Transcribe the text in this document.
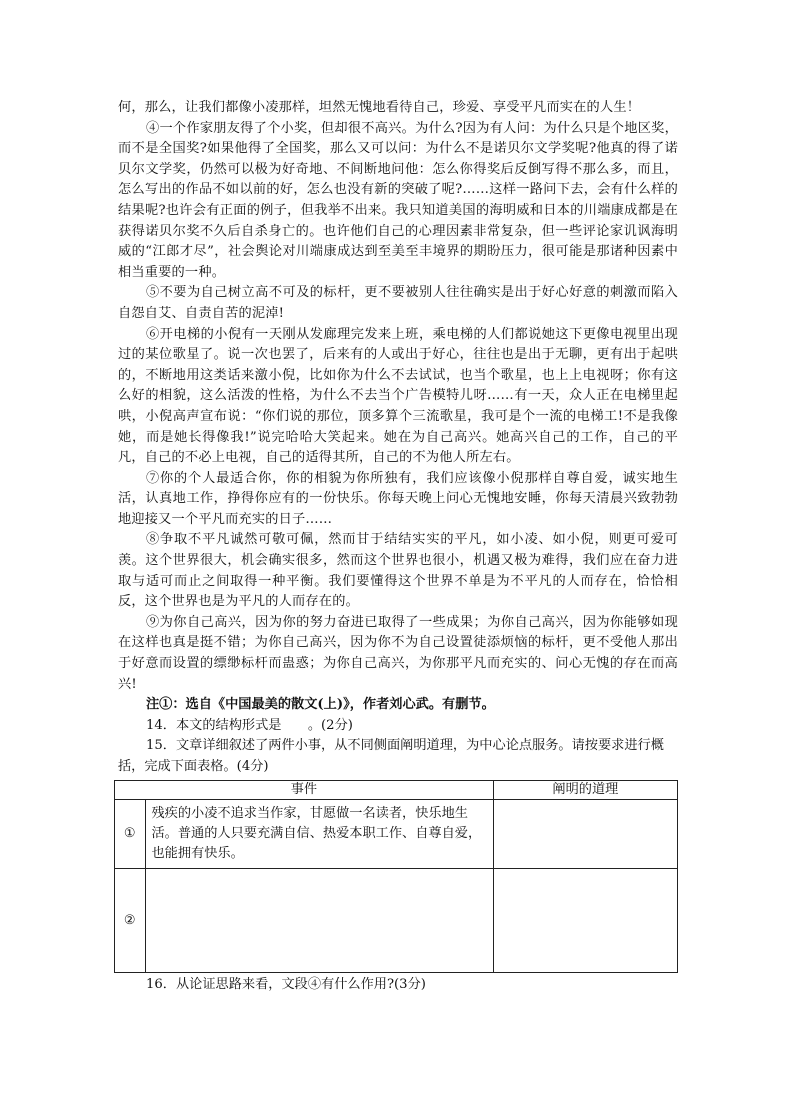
何，那么，让我们都像小凌那样，坦然无愧地看待自己，珍爱、享受平凡而实在的人生！

④一个作家朋友得了个小奖，但却很不高兴。为什么?因为有人问：为什么只是个地区奖，而不是全国奖?如果他得了全国奖，那么又可以问：为什么不是诺贝尔文学奖呢?他真的得了诺贝尔文学奖，仍然可以极为好奇地、不间断地问他：怎么你得奖后反倒写得不那么多，而且，怎么写出的作品不如以前的好，怎么也没有新的突破了呢?……这样一路问下去，会有什么样的结果呢?也许会有正面的例子，但我举不出来。我只知道美国的海明威和日本的川端康成都是在获得诺贝尔奖不久后自杀身亡的。也许他们自己的心理因素非常复杂，但一些评论家讥讽海明威的“江郎才尽”，社会舆论对川端康成达到至美至丰境界的期盼压力，很可能是那诸种因素中相当重要的一种。

⑤不要为自己树立高不可及的标杆，更不要被别人往往确实是出于好心好意的刺激而陷入自怨自艾、自责自苦的泥淖!

⑥开电梯的小倪有一天刚从发廊理完发来上班，乘电梯的人们都说她这下更像电视里出现过的某位歌星了。说一次也罢了，后来有的人或出于好心，往往也是出于无聊，更有出于起哄的，不断地用这类话来激小倪，比如你为什么不去试试，也当个歌星，也上上电视呀；你有这么好的相貌，这么活泼的性格，为什么不去当个广告模特儿呀……有一天，众人正在电梯里起哄，小倪高声宣布说：“你们说的那位，顶多算个三流歌星，我可是个一流的电梯工!不是我像她，而是她长得像我!”说完哈哈大笑起来。她在为自己高兴。她高兴自己的工作，自己的平凡，自己的不必上电视，自己的适得其所，自己的不为他人所左右。

⑦你的个人最适合你，你的相貌为你所独有，我们应该像小倪那样自尊自爱，诚实地生活，认真地工作，挣得你应有的一份快乐。你每天晚上问心无愧地安睡，你每天清晨兴致勃勃地迎接又一个平凡而充实的日子……

⑧争取不平凡诚然可敬可佩，然而甘于结结实实的平凡，如小凌、如小倪，则更可爱可羡。这个世界很大，机会确实很多，然而这个世界也很小，机遇又极为难得，我们应在奋力进取与适可而止之间取得一种平衡。我们要懂得这个世界不单是为不平凡的人而存在，恰恰相反，这个世界也是为平凡的人而存在的。

⑨为你自己高兴，因为你的努力奋进已取得了一些成果；为你自己高兴，因为你能够如现在这样也真是挺不错；为你自己高兴，因为你不为自己设置徒添烦恼的标杆，更不受他人那出于好意而设置的缥缈标杆而蛊惑；为你自己高兴，为你那平凡而充实的、问心无愧的存在而高兴!

注①：选自《中国最美的散文(上)》，作者刘心武。有删节。

14．本文的结构形式是　　。(2分)

15．文章详细叙述了两件小事，从不同侧面阐明道理，为中心论点服务。请按要求进行概括，完成下面表格。(4分)

事件		阐明的道理
①	残疾的小凌不追求当作家，甘愿做一名读者，快乐地生活。普通的人只要充满自信、热爱本职工作、自尊自爱，也能拥有快乐。	
②		

16．从论证思路来看，文段④有什么作用?(3分)
